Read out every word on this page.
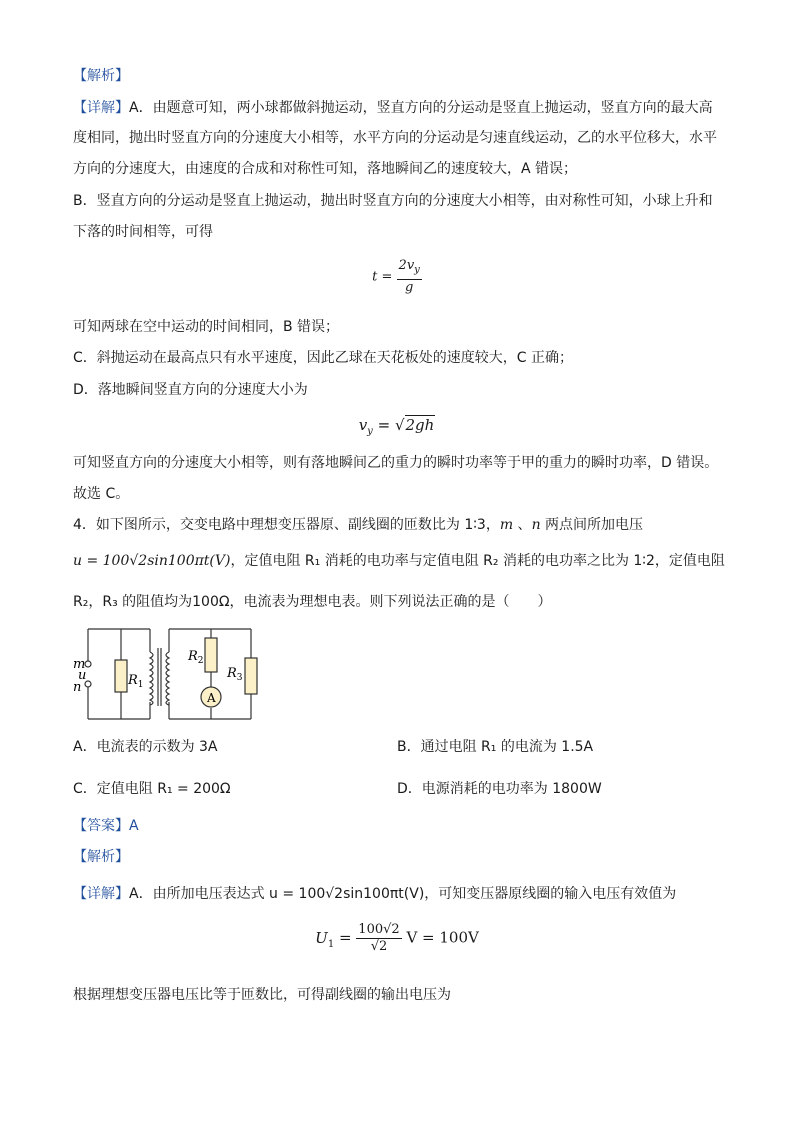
【解析】
【详解】A．由题意可知，两小球都做斜抛运动，竖直方向的分运动是竖直上抛运动，竖直方向的最大高
度相同，抛出时竖直方向的分速度大小相等，水平方向的分运动是匀速直线运动，乙的水平位移大，水平
方向的分速度大，由速度的合成和对称性可知，落地瞬间乙的速度较大，A 错误；
B．竖直方向的分运动是竖直上抛运动，抛出时竖直方向的分速度大小相等，由对称性可知，小球上升和
下落的时间相等，可得
$t = \frac{2v_y}{g}$
可知两球在空中运动的时间相同，B 错误；
C．斜抛运动在最高点只有水平速度，因此乙球在天花板处的速度较大，C 正确；
D．落地瞬间竖直方向的分速度大小为
$v_y = √2gh$
可知竖直方向的分速度大小相等，则有落地瞬间乙的重力的瞬时功率等于甲的重力的瞬时功率，D 错误。
故选 C。
4．如下图所示，交变电路中理想变压器原、副线圈的匝数比为 1∶3，m 、n 两点间所加电压
u = 100√2sin100πt(V)，定值电阻 R₁ 消耗的电功率与定值电阻 R₂ 消耗的电功率之比为 1∶2，定值电阻
R₂，R₃ 的阻值均为100Ω，电流表为理想电表。则下列说法正确的是（　　）
A
m
u
n	$R_1$
$R_2$
$R_3$
A．电流表的示数为 3A	B．通过电阻 R₁ 的电流为 1.5A
C．定值电阻 R₁ = 200Ω	D．电源消耗的电功率为 1800W
【答案】A
【解析】
【详解】A．由所加电压表达式 u = 100√2sin100πt(V)，可知变压器原线圈的输入电压有效值为
$U_1 = \frac{100√2}{√2}$ V = 100V
根据理想变压器电压比等于匝数比，可得副线圈的输出电压为
